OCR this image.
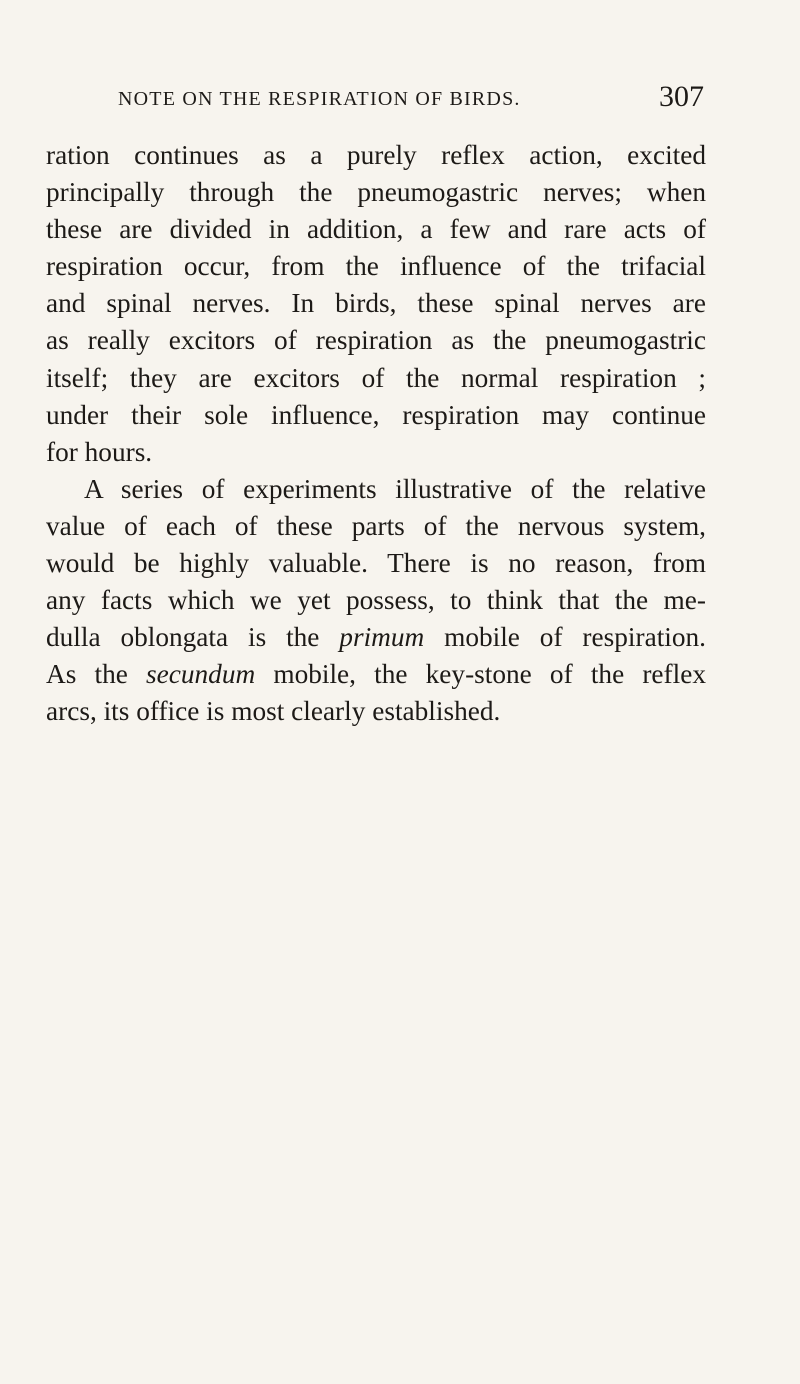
NOTE ON THE RESPIRATION OF BIRDS.	307
ration continues as a purely reflex action, excited
principally through the pneumogastric nerves; when
these are divided in addition, a few and rare acts of
respiration occur, from the influence of the trifacial
and spinal nerves. In birds, these spinal nerves are
as really excitors of respiration as the pneumogastric
itself; they are excitors of the normal respiration ;
under their sole influence, respiration may continue
for hours.
A series of experiments illustrative of the relative
value of each of these parts of the nervous system,
would be highly valuable. There is no reason, from
any facts which we yet possess, to think that the me-
dulla oblongata is the primum mobile of respiration.
As the secundum mobile, the key-stone of the reflex
arcs, its office is most clearly established.
